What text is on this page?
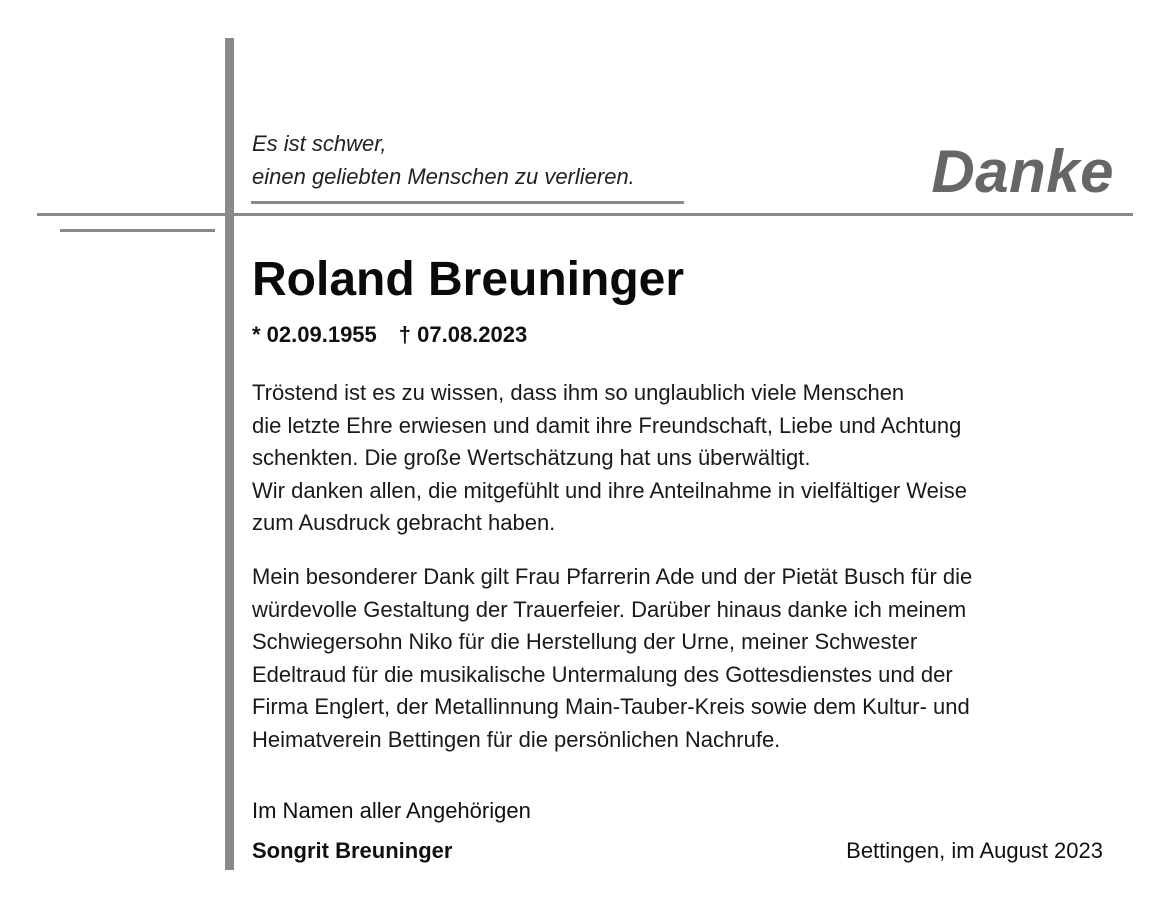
Es ist schwer,
einen geliebten Menschen zu verlieren.	Danke
Roland Breuninger
* 02.09.1955 † 07.08.2023
Tröstend ist es zu wissen, dass ihm so unglaublich viele Menschen
die letzte Ehre erwiesen und damit ihre Freundschaft, Liebe und Achtung
schenkten. Die große Wertschätzung hat uns überwältigt.
Wir danken allen, die mitgefühlt und ihre Anteilnahme in vielfältiger Weise
zum Ausdruck gebracht haben.
Mein besonderer Dank gilt Frau Pfarrerin Ade und der Pietät Busch für die
würdevolle Gestaltung der Trauerfeier. Darüber hinaus danke ich meinem
Schwiegersohn Niko für die Herstellung der Urne, meiner Schwester
Edeltraud für die musikalische Untermalung des Gottesdienstes und der
Firma Englert, der Metallinnung Main-Tauber-Kreis sowie dem Kultur- und
Heimatverein Bettingen für die persönlichen Nachrufe.
Im Namen aller Angehörigen
Songrit Breuninger	Bettingen, im August 2023
